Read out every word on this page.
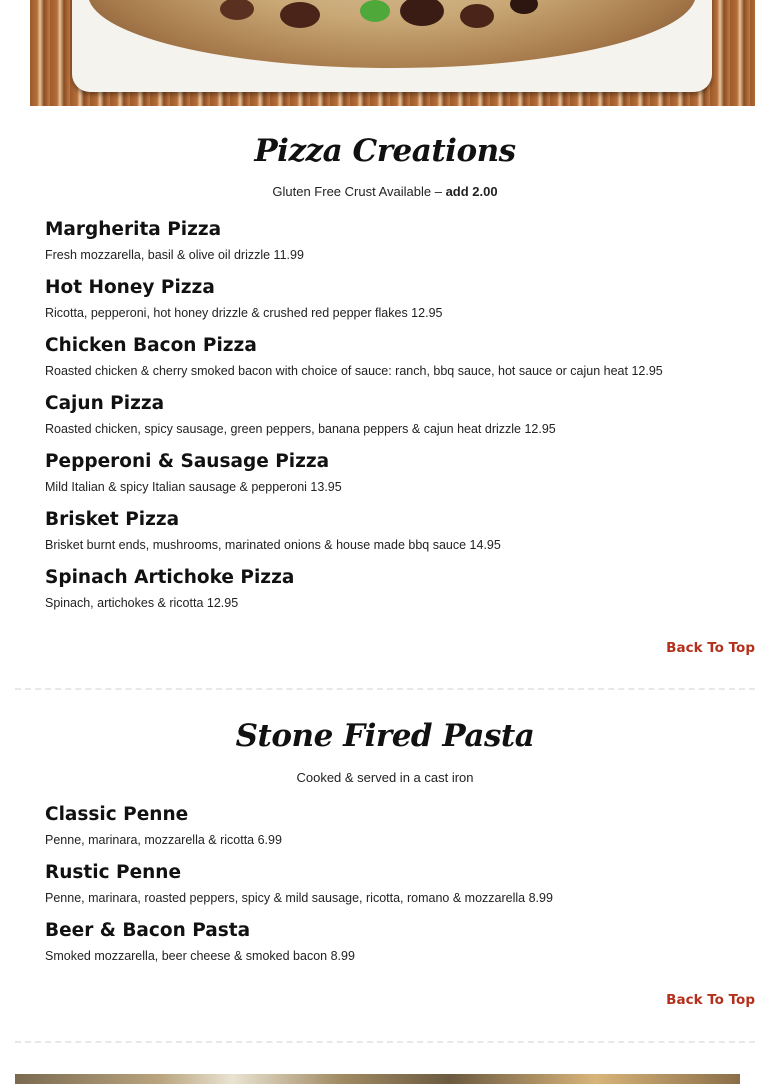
Pizza Creations
Gluten Free Crust Available – add 2.00
Margherita Pizza
Fresh mozzarella, basil & olive oil drizzle 11.99
Hot Honey Pizza
Ricotta, pepperoni, hot honey drizzle & crushed red pepper flakes 12.95
Chicken Bacon Pizza
Roasted chicken & cherry smoked bacon with choice of sauce: ranch, bbq sauce, hot sauce or cajun heat 12.95
Cajun Pizza
Roasted chicken, spicy sausage, green peppers, banana peppers & cajun heat drizzle 12.95
Pepperoni & Sausage Pizza
Mild Italian & spicy Italian sausage & pepperoni 13.95
Brisket Pizza
Brisket burnt ends, mushrooms, marinated onions & house made bbq sauce 14.95
Spinach Artichoke Pizza
Spinach, artichokes & ricotta 12.95
Back To Top
Stone Fired Pasta
Cooked & served in a cast iron
Classic Penne
Penne, marinara, mozzarella & ricotta 6.99
Rustic Penne
Penne, marinara, roasted peppers, spicy & mild sausage, ricotta, romano & mozzarella 8.99
Beer & Bacon Pasta
Smoked mozzarella, beer cheese & smoked bacon 8.99
Back To Top
